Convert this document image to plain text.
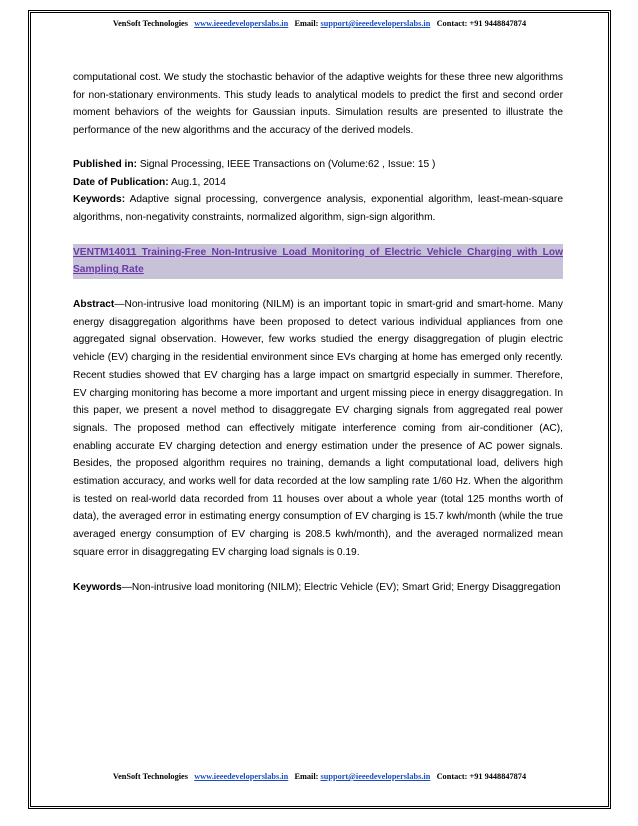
VenSoft Technologies www.ieeedeveloperslabs.in Email: support@ieeedeveloperslabs.in Contact: +91 9448847874

computational cost. We study the stochastic behavior of the adaptive weights for these three new algorithms for non-stationary environments. This study leads to analytical models to predict the first and second order moment behaviors of the weights for Gaussian inputs. Simulation results are presented to illustrate the performance of the new algorithms and the accuracy of the derived models.

Published in: Signal Processing, IEEE Transactions on (Volume:62 , Issue: 15 )

Date of Publication: Aug.1, 2014

Keywords: Adaptive signal processing, convergence analysis, exponential algorithm, least-mean-square algorithms, non-negativity constraints, normalized algorithm, sign-sign algorithm.

VENTM14011 Training-Free Non-Intrusive Load Monitoring of Electric Vehicle Charging with Low Sampling Rate

Abstract—Non-intrusive load monitoring (NILM) is an important topic in smart-grid and smart-home. Many energy disaggregation algorithms have been proposed to detect various individual appliances from one aggregated signal observation. However, few works studied the energy disaggregation of plugin electric vehicle (EV) charging in the residential environment since EVs charging at home has emerged only recently. Recent studies showed that EV charging has a large impact on smartgrid especially in summer. Therefore, EV charging monitoring has become a more important and urgent missing piece in energy disaggregation. In this paper, we present a novel method to disaggregate EV charging signals from aggregated real power signals. The proposed method can effectively mitigate interference coming from air-conditioner (AC), enabling accurate EV charging detection and energy estimation under the presence of AC power signals. Besides, the proposed algorithm requires no training, demands a light computational load, delivers high estimation accuracy, and works well for data recorded at the low sampling rate 1/60 Hz. When the algorithm is tested on real-world data recorded from 11 houses over about a whole year (total 125 months worth of data), the averaged error in estimating energy consumption of EV charging is 15.7 kwh/month (while the true averaged energy consumption of EV charging is 208.5 kwh/month), and the averaged normalized mean square error in disaggregating EV charging load signals is 0.19.

Keywords—Non-intrusive load monitoring (NILM); Electric Vehicle (EV); Smart Grid; Energy Disaggregation

VenSoft Technologies www.ieeedeveloperslabs.in Email: support@ieeedeveloperslabs.in Contact: +91 9448847874
